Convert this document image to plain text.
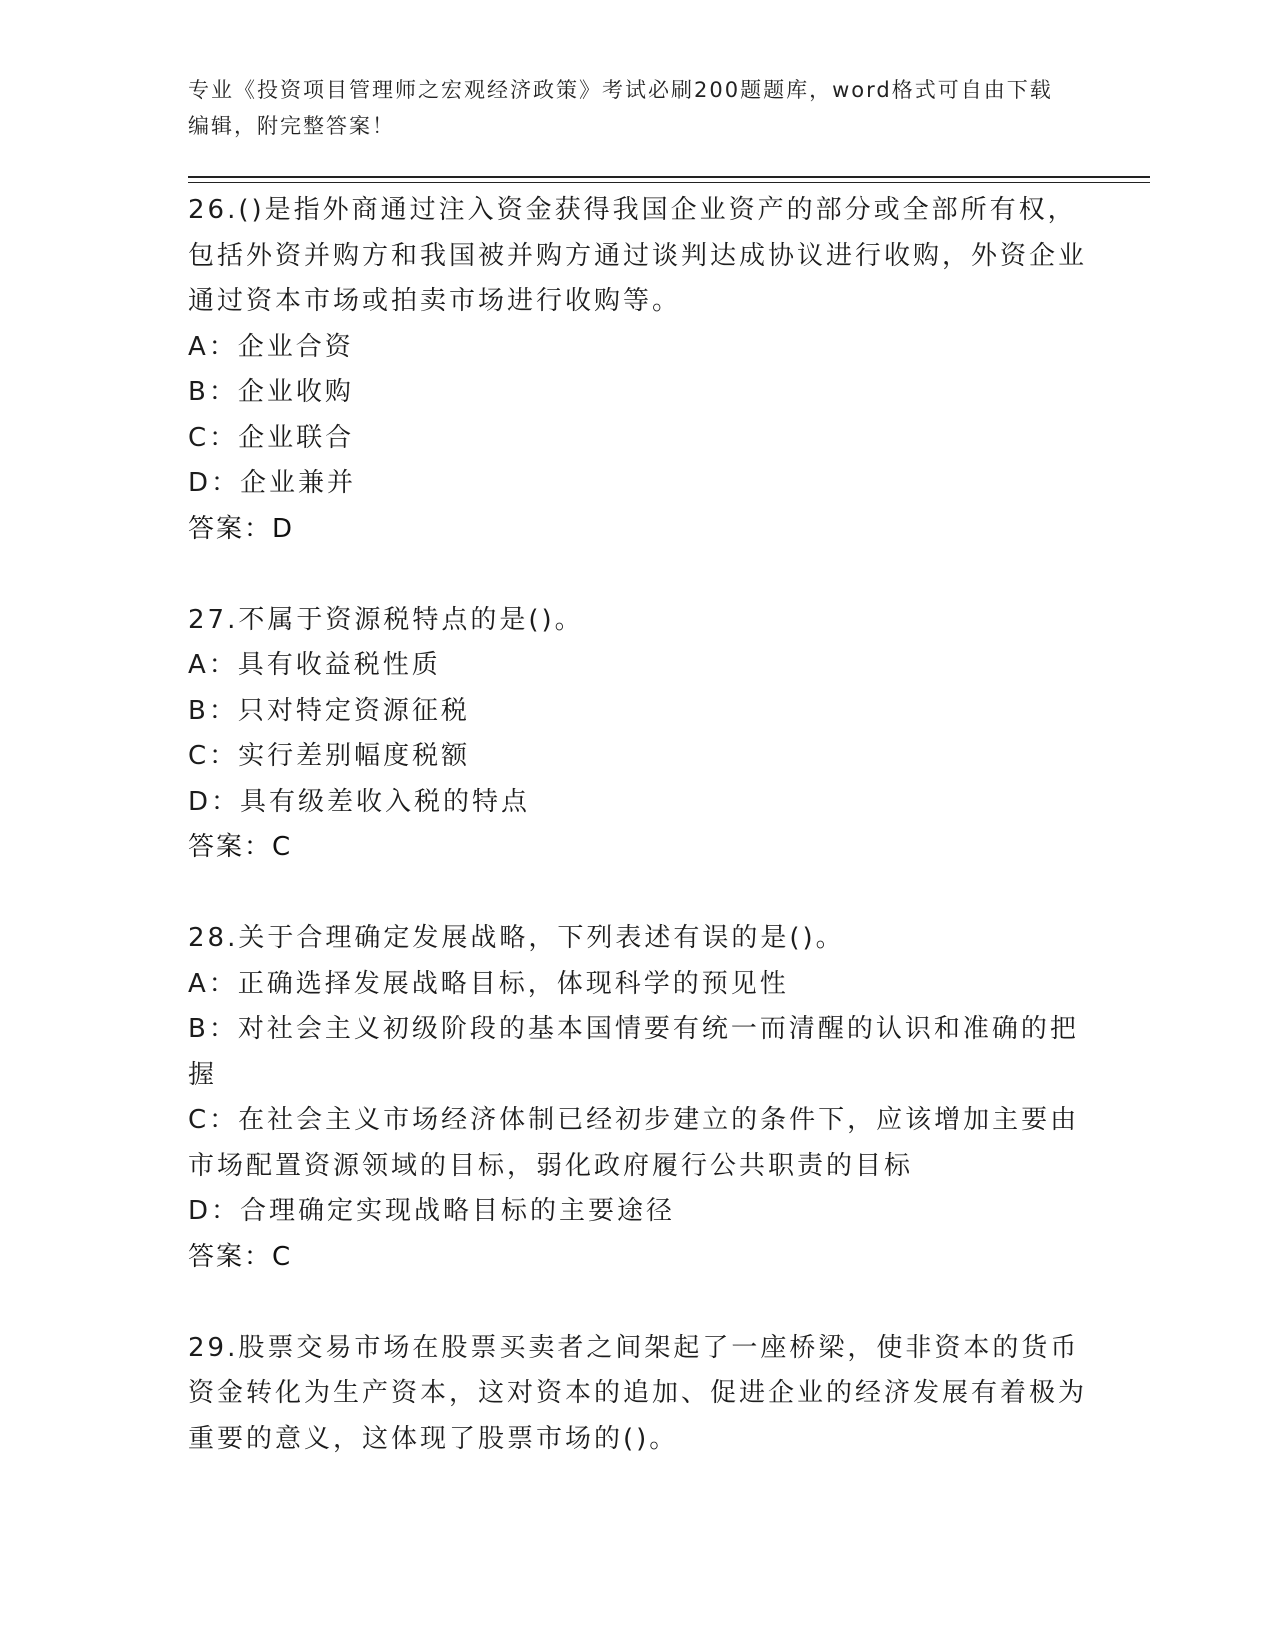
专业《投资项目管理师之宏观经济政策》考试必刷200题题库，word格式可自由下载编辑，附完整答案！
26.()是指外商通过注入资金获得我国企业资产的部分或全部所有权，包括外资并购方和我国被并购方通过谈判达成协议进行收购，外资企业通过资本市场或拍卖市场进行收购等。
A：企业合资
B：企业收购
C：企业联合
D：企业兼并
答案：D
27.不属于资源税特点的是()。
A：具有收益税性质
B：只对特定资源征税
C：实行差别幅度税额
D：具有级差收入税的特点
答案：C
28.关于合理确定发展战略，下列表述有误的是()。
A：正确选择发展战略目标，体现科学的预见性
B：对社会主义初级阶段的基本国情要有统一而清醒的认识和准确的把握
C：在社会主义市场经济体制已经初步建立的条件下，应该增加主要由市场配置资源领域的目标，弱化政府履行公共职责的目标
D：合理确定实现战略目标的主要途径
答案：C
29.股票交易市场在股票买卖者之间架起了一座桥梁，使非资本的货币资金转化为生产资本，这对资本的追加、促进企业的经济发展有着极为重要的意义，这体现了股票市场的()。
